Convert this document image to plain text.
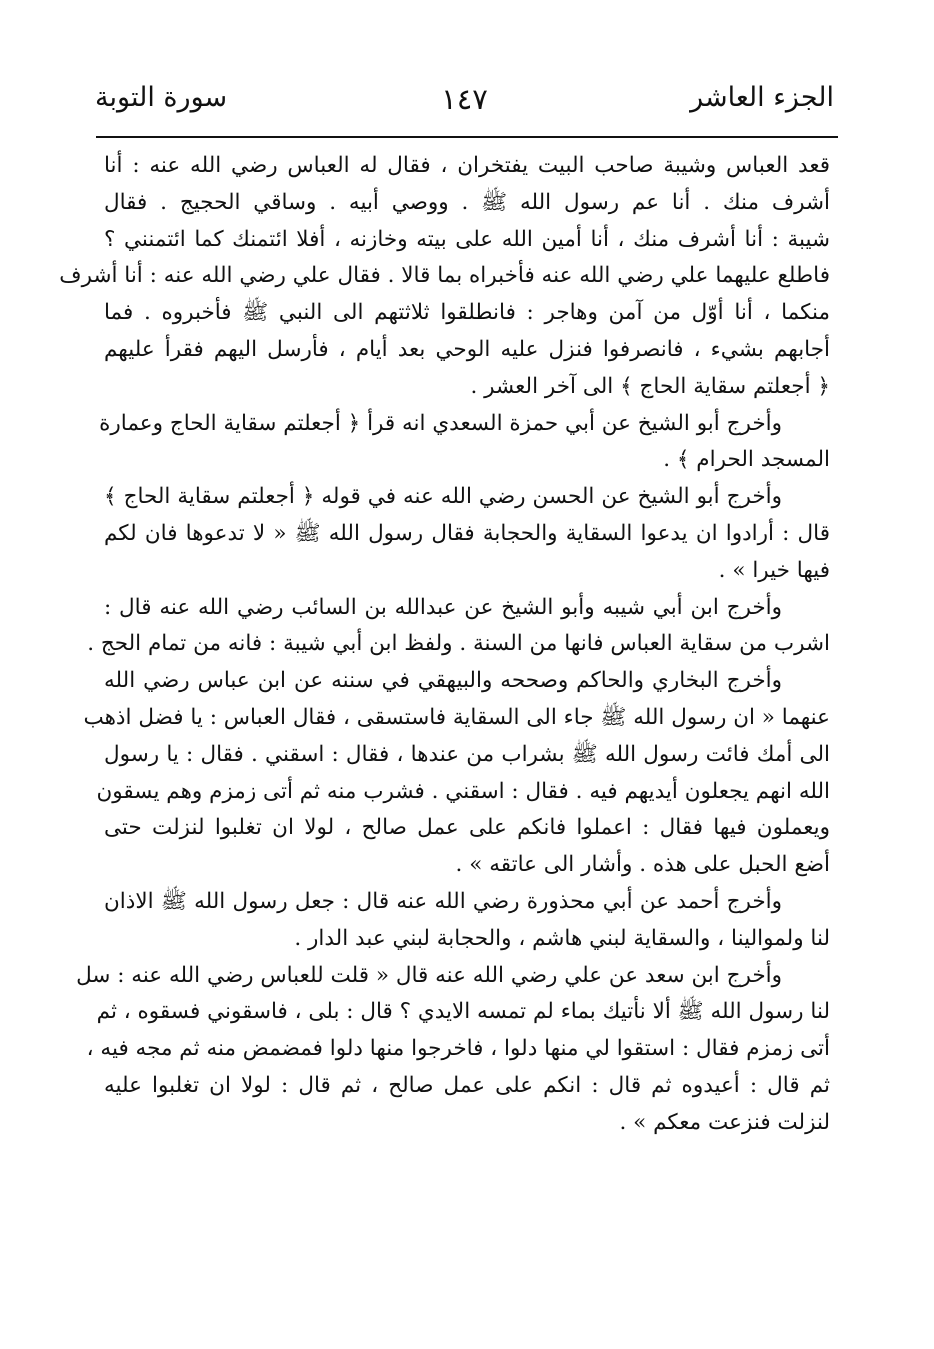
الجزء العاشر
١٤٧
سورة التوبة
قعد العباس وشيبة صاحب البيت يفتخران ، فقال له العباس رضي الله عنه : أنا
أشرف منك . أنا عم رسول الله ﷺ . ووصي أبيه . وساقي الحجيج . فقال
شيبة : أنا أشرف منك ، أنا أمين الله على بيته وخازنه ، أفلا ائتمنك كما ائتمنني ؟
فاطلع عليهما علي رضي الله عنه فأخبراه بما قالا . فقال علي رضي الله عنه : أنا أشرف
منكما ، أنا أوّل من آمن وهاجر : فانطلقوا ثلاثتهم الى النبي ﷺ فأخبروه . فما
أجابهم بشيء ، فانصرفوا فنزل عليه الوحي بعد أيام ، فأرسل اليهم فقرأ عليهم
﴿ أجعلتم سقاية الحاج ﴾ الى آخر العشر .
وأخرج أبو الشيخ عن أبي حمزة السعدي انه قرأ ﴿ أجعلتم سقاية الحاج وعمارة
المسجد الحرام ﴾ .
وأخرج أبو الشيخ عن الحسن رضي الله عنه في قوله ﴿ أجعلتم سقاية الحاج ﴾
قال : أرادوا ان يدعوا السقاية والحجابة فقال رسول الله ﷺ « لا تدعوها فان لكم
فيها خيرا » .
وأخرج ابن أبي شيبه وأبو الشيخ عن عبدالله بن السائب رضي الله عنه قال :
اشرب من سقاية العباس فانها من السنة . ولفظ ابن أبي شيبة : فانه من تمام الحج .
وأخرج البخاري والحاكم وصححه والبيهقي في سننه عن ابن عباس رضي الله
عنهما « ان رسول الله ﷺ جاء الى السقاية فاستسقى ، فقال العباس : يا فضل اذهب
الى أمك فائت رسول الله ﷺ بشراب من عندها ، فقال : اسقني . فقال : يا رسول
الله انهم يجعلون أيديهم فيه . فقال : اسقني . فشرب منه ثم أتى زمزم وهم يسقون
ويعملون فيها فقال : اعملوا فانكم على عمل صالح ، لولا ان تغلبوا لنزلت حتى
أضع الحبل على هذه . وأشار الى عاتقه » .
وأخرج أحمد عن أبي محذورة رضي الله عنه قال : جعل رسول الله ﷺ الاذان
لنا ولموالينا ، والسقاية لبني هاشم ، والحجابة لبني عبد الدار .
وأخرج ابن سعد عن علي رضي الله عنه قال « قلت للعباس رضي الله عنه : سل
لنا رسول الله ﷺ ألا نأتيك بماء لم تمسه الايدي ؟ قال : بلى ، فاسقوني فسقوه ، ثم
أتى زمزم فقال : استقوا لي منها دلوا ، فاخرجوا منها دلوا فمضمض منه ثم مجه فيه ،
ثم قال : أعيدوه ثم قال : انكم على عمل صالح ، ثم قال : لولا ان تغلبوا عليه
لنزلت فنزعت معكم » .
